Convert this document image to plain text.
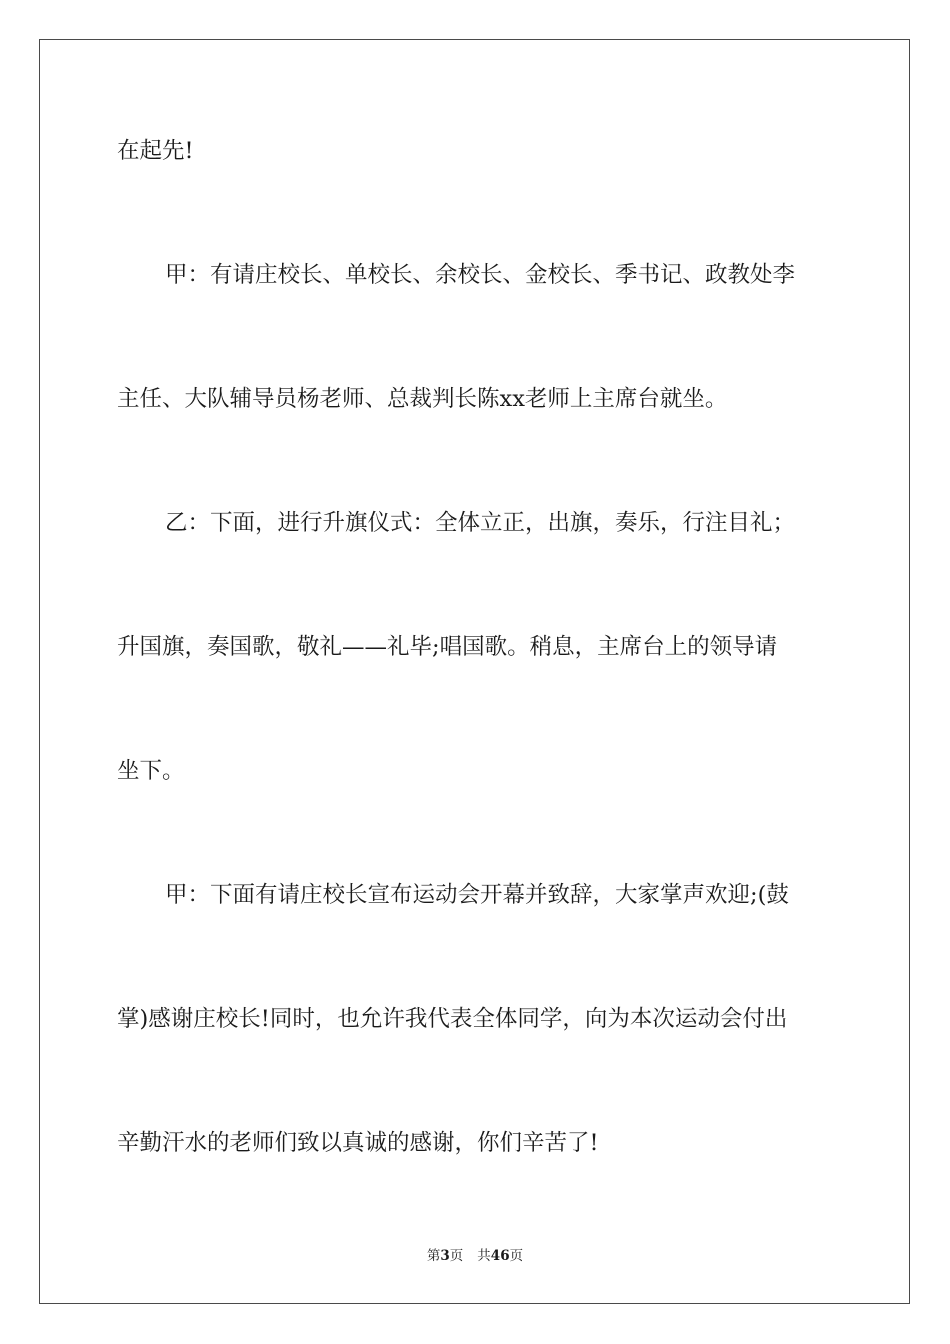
在起先!

甲：有请庄校长、单校长、余校长、金校长、季书记、政教处李

主任、大队辅导员杨老师、总裁判长陈xx老师上主席台就坐。

乙：下面，进行升旗仪式：全体立正，出旗，奏乐，行注目礼；

升国旗，奏国歌，敬礼——礼毕;唱国歌。稍息，主席台上的领导请

坐下。

甲：下面有请庄校长宣布运动会开幕并致辞，大家掌声欢迎;(鼓

掌)感谢庄校长!同时，也允许我代表全体同学，向为本次运动会付出

辛勤汗水的老师们致以真诚的感谢，你们辛苦了!

第3页 共46页
